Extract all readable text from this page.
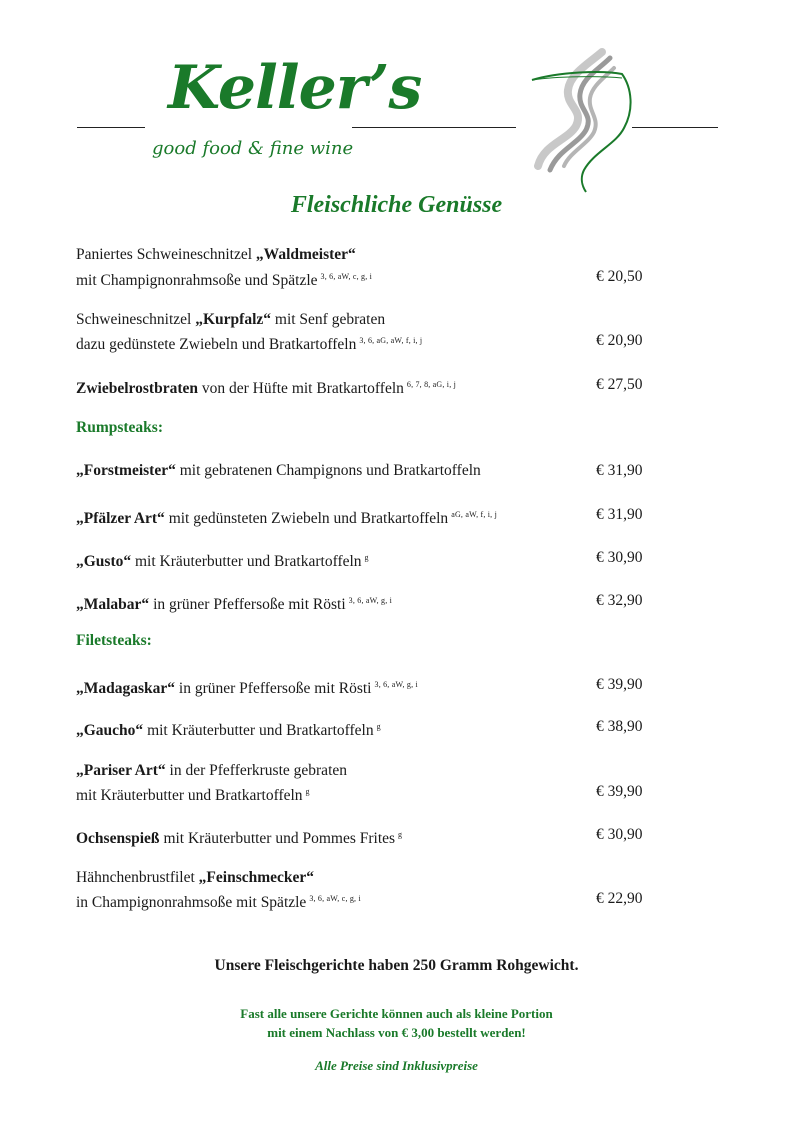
Keller’s
good food & fine wine
Fleischliche Genüsse
Paniertes Schweineschnitzel „Waldmeister“
mit Champignonrahmsoße und Spätzle $^{3, 6, aW, c, g, i}$	€ 20,50
Schweineschnitzel „Kurpfalz“ mit Senf gebraten
dazu gedünstete Zwiebeln und Bratkartoffeln $^{3, 6, aG, aW, f, i, j}$	€ 20,90
Zwiebelrostbraten von der Hüfte mit Bratkartoffeln $^{6, 7, 8, aG, i, j}$	€ 27,50
Rumpsteaks:
„Forstmeister“ mit gebratenen Champignons und Bratkartoffeln	€ 31,90
„Pfälzer Art“ mit gedünsteten Zwiebeln und Bratkartoffeln $^{aG, aW, f, i, j}$	€ 31,90
„Gusto“ mit Kräuterbutter und Bratkartoffeln $^g$	€ 30,90
„Malabar“ in grüner Pfeffersoße mit Rösti $^{3, 6, aW, g, i}$	€ 32,90
Filetsteaks:
„Madagaskar“ in grüner Pfeffersoße mit Rösti $^{3, 6, aW, g, i}$	€ 39,90
„Gaucho“ mit Kräuterbutter und Bratkartoffeln $^g$	€ 38,90
„Pariser Art“ in der Pfefferkruste gebraten
mit Kräuterbutter und Bratkartoffeln $^g$	€ 39,90
Ochsenspieß mit Kräuterbutter und Pommes Frites $^g$	€ 30,90
Hähnchenbrustfilet „Feinschmecker“
in Champignonrahmsoße mit Spätzle $^{3, 6, aW, c, g, i}$	€ 22,90
Unsere Fleischgerichte haben 250 Gramm Rohgewicht.
Fast alle unsere Gerichte können auch als kleine Portion
mit einem Nachlass von € 3,00 bestellt werden!
Alle Preise sind Inklusivpreise
